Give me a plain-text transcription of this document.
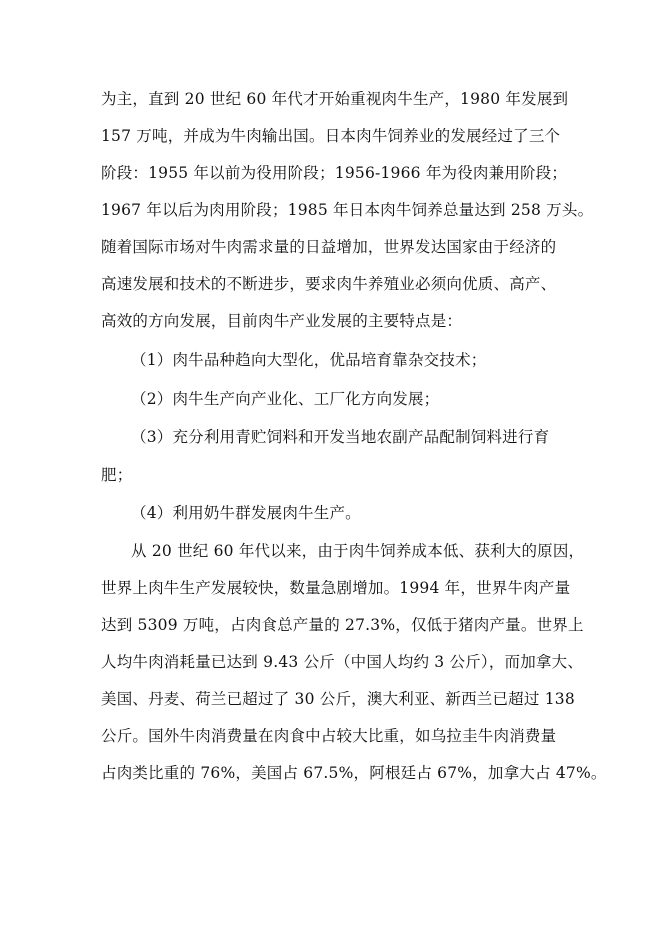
为主，直到 20 世纪 60 年代才开始重视肉牛生产，1980 年发展到
157 万吨，并成为牛肉输出国。日本肉牛饲养业的发展经过了三个
阶段：1955 年以前为役用阶段；1956-1966 年为役肉兼用阶段；
1967 年以后为肉用阶段；1985 年日本肉牛饲养总量达到 258 万头。
随着国际市场对牛肉需求量的日益增加，世界发达国家由于经济的
高速发展和技术的不断进步，要求肉牛养殖业必须向优质、高产、
高效的方向发展，目前肉牛产业发展的主要特点是：
（1）肉牛品种趋向大型化，优品培育靠杂交技术；
（2）肉牛生产向产业化、工厂化方向发展；
（3）充分利用青贮饲料和开发当地农副产品配制饲料进行育
肥；
（4）利用奶牛群发展肉牛生产。
从 20 世纪 60 年代以来，由于肉牛饲养成本低、获利大的原因，
世界上肉牛生产发展较快，数量急剧增加。1994 年，世界牛肉产量
达到 5309 万吨，占肉食总产量的 27.3%，仅低于猪肉产量。世界上
人均牛肉消耗量已达到 9.43 公斤（中国人均约 3 公斤），而加拿大、
美国、丹麦、荷兰已超过了 30 公斤，澳大利亚、新西兰已超过 138
公斤。国外牛肉消费量在肉食中占较大比重，如乌拉圭牛肉消费量
占肉类比重的 76%，美国占 67.5%，阿根廷占 67%，加拿大占 47%。
